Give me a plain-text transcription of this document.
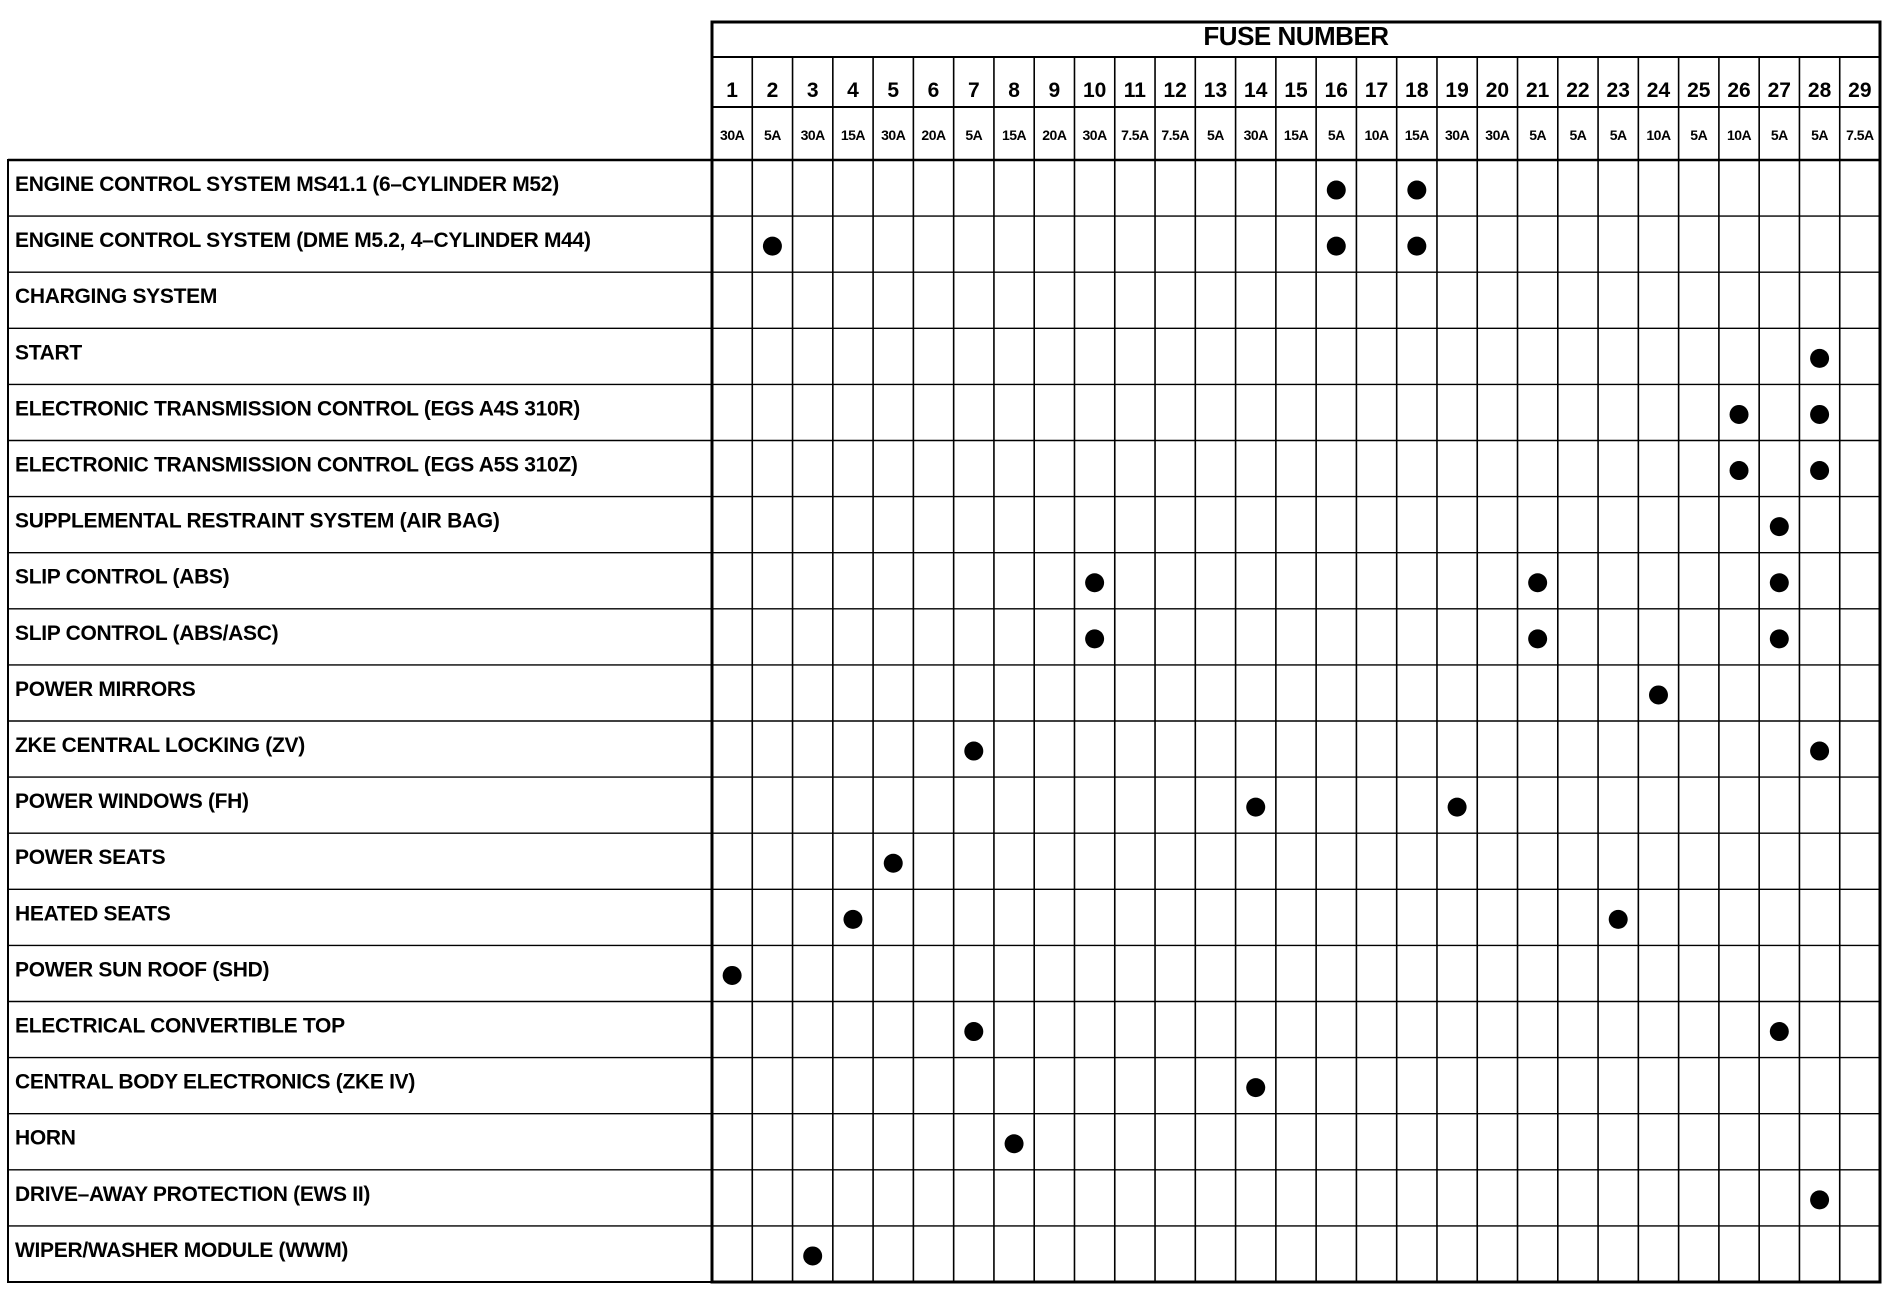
FUSE NUMBER
1
30A
2
5A
3
30A
4
15A
5
30A
6
20A
7
5A
8
15A
9
20A
10
30A
11
7.5A
12
7.5A
13
5A
14
30A
15
15A
16
5A
17
10A
18
15A
19
30A
20
30A
21
5A
22
5A
23
5A
24
10A
25
5A
26
10A
27
5A
28
5A
29
7.5A
ENGINE CONTROL SYSTEM MS41.1 (6–CYLINDER M52)
ENGINE CONTROL SYSTEM (DME M5.2, 4–CYLINDER M44)
CHARGING SYSTEM
START
ELECTRONIC TRANSMISSION CONTROL (EGS A4S 310R)
ELECTRONIC TRANSMISSION CONTROL (EGS A5S 310Z)
SUPPLEMENTAL RESTRAINT SYSTEM (AIR BAG)
SLIP CONTROL (ABS)
SLIP CONTROL (ABS/ASC)
POWER MIRRORS
ZKE CENTRAL LOCKING (ZV)
POWER WINDOWS (FH)
POWER SEATS
HEATED SEATS
POWER SUN ROOF (SHD)
ELECTRICAL CONVERTIBLE TOP
CENTRAL BODY ELECTRONICS (ZKE IV)
HORN
DRIVE–AWAY PROTECTION (EWS II)
WIPER/WASHER MODULE (WWM)
